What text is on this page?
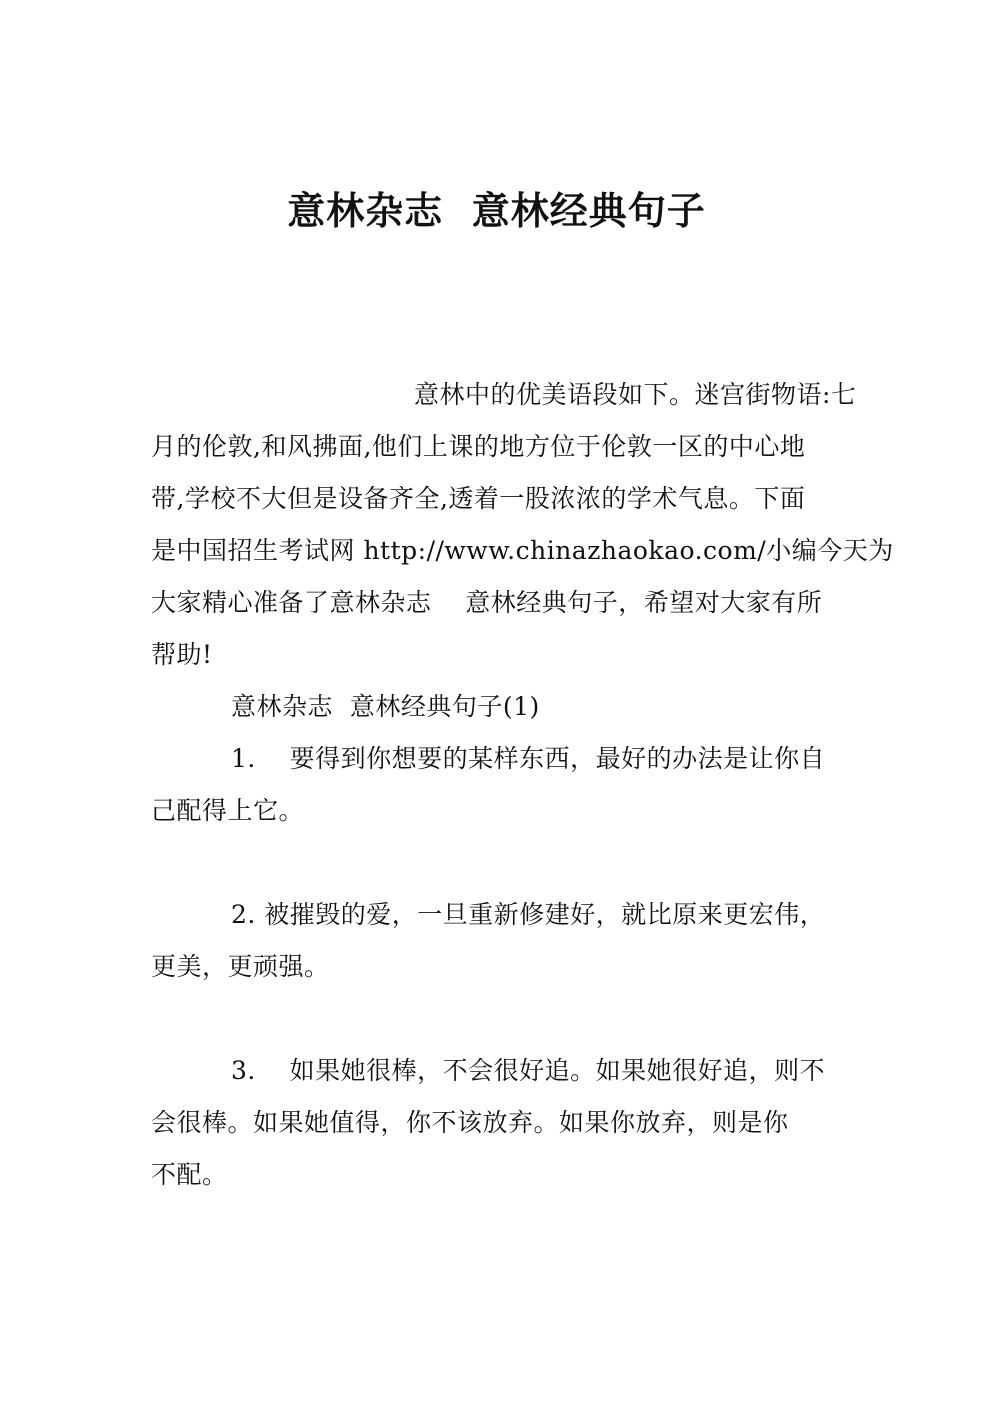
意林杂志  意林经典句子
意林中的优美语段如下。迷宫街物语:七
月的伦敦,和风拂面,他们上课的地方位于伦敦一区的中心地
带,学校不大但是设备齐全,透着一股浓浓的学术气息。下面
是中国招生考试网 http://www.chinazhaokao.com/小编今天为
大家精心准备了意林杂志    意林经典句子，希望对大家有所
帮助!
意林杂志  意林经典句子(1)
1.    要得到你想要的某样东西，最好的办法是让你自
己配得上它。
2. 被摧毁的爱，一旦重新修建好，就比原来更宏伟，
更美，更顽强。
3.    如果她很棒，不会很好追。如果她很好追，则不
会很棒。如果她值得，你不该放弃。如果你放弃，则是你
不配。
